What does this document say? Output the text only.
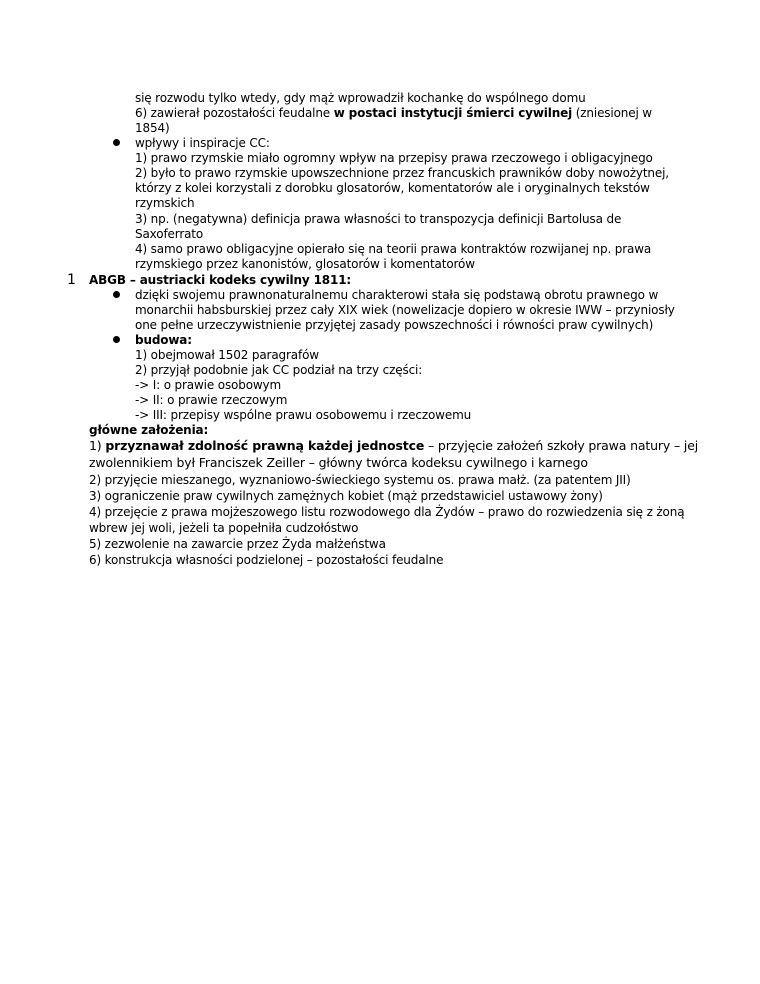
się rozwodu tylko wtedy, gdy mąż wprowadził kochankę do wspólnego domu
6) zawierał pozostałości feudalne w postaci instytucji śmierci cywilnej (zniesionej w
1854)
wpływy i inspiracje CC:
1) prawo rzymskie miało ogromny wpływ na przepisy prawa rzeczowego i obligacyjnego
2) było to prawo rzymskie upowszechnione przez francuskich prawników doby nowożytnej,
którzy z kolei korzystali z dorobku glosatorów, komentatorów ale i oryginalnych tekstów
rzymskich
3) np. (negatywna) definicja prawa własności to transpozycja definicji Bartolusa de
Saxoferrato
4) samo prawo obligacyjne opierało się na teorii prawa kontraktów rozwijanej np. prawa
rzymskiego przez kanonistów, glosatorów i komentatorów
1 ABGB – austriacki kodeks cywilny 1811:
dzięki swojemu prawnonaturalnemu charakterowi stała się podstawą obrotu prawnego w
monarchii habsburskiej przez cały XIX wiek (nowelizacje dopiero w okresie IWW – przyniosły
one pełne urzeczywistnienie przyjętej zasady powszechności i równości praw cywilnych)
budowa:
1) obejmował 1502 paragrafów
2) przyjął podobnie jak CC podział na trzy części:
-> I: o prawie osobowym
-> II: o prawie rzeczowym
-> III: przepisy wspólne prawu osobowemu i rzeczowemu
główne założenia:
1) przyznawał zdolność prawną każdej jednostce – przyjęcie założeń szkoły prawa natury – jej
zwolennikiem był Franciszek Zeiller – główny twórca kodeksu cywilnego i karnego
2) przyjęcie mieszanego, wyznaniowo-świeckiego systemu os. prawa małż. (za patentem JII)
3) ograniczenie praw cywilnych zamężnych kobiet (mąż przedstawiciel ustawowy żony)
4) przejęcie z prawa mojżeszowego listu rozwodowego dla Żydów – prawo do rozwiedzenia się z żoną
wbrew jej woli, jeżeli ta popełniła cudzołóstwo
5) zezwolenie na zawarcie przez Żyda małżeństwa
6) konstrukcja własności podzielonej – pozostałości feudalne
